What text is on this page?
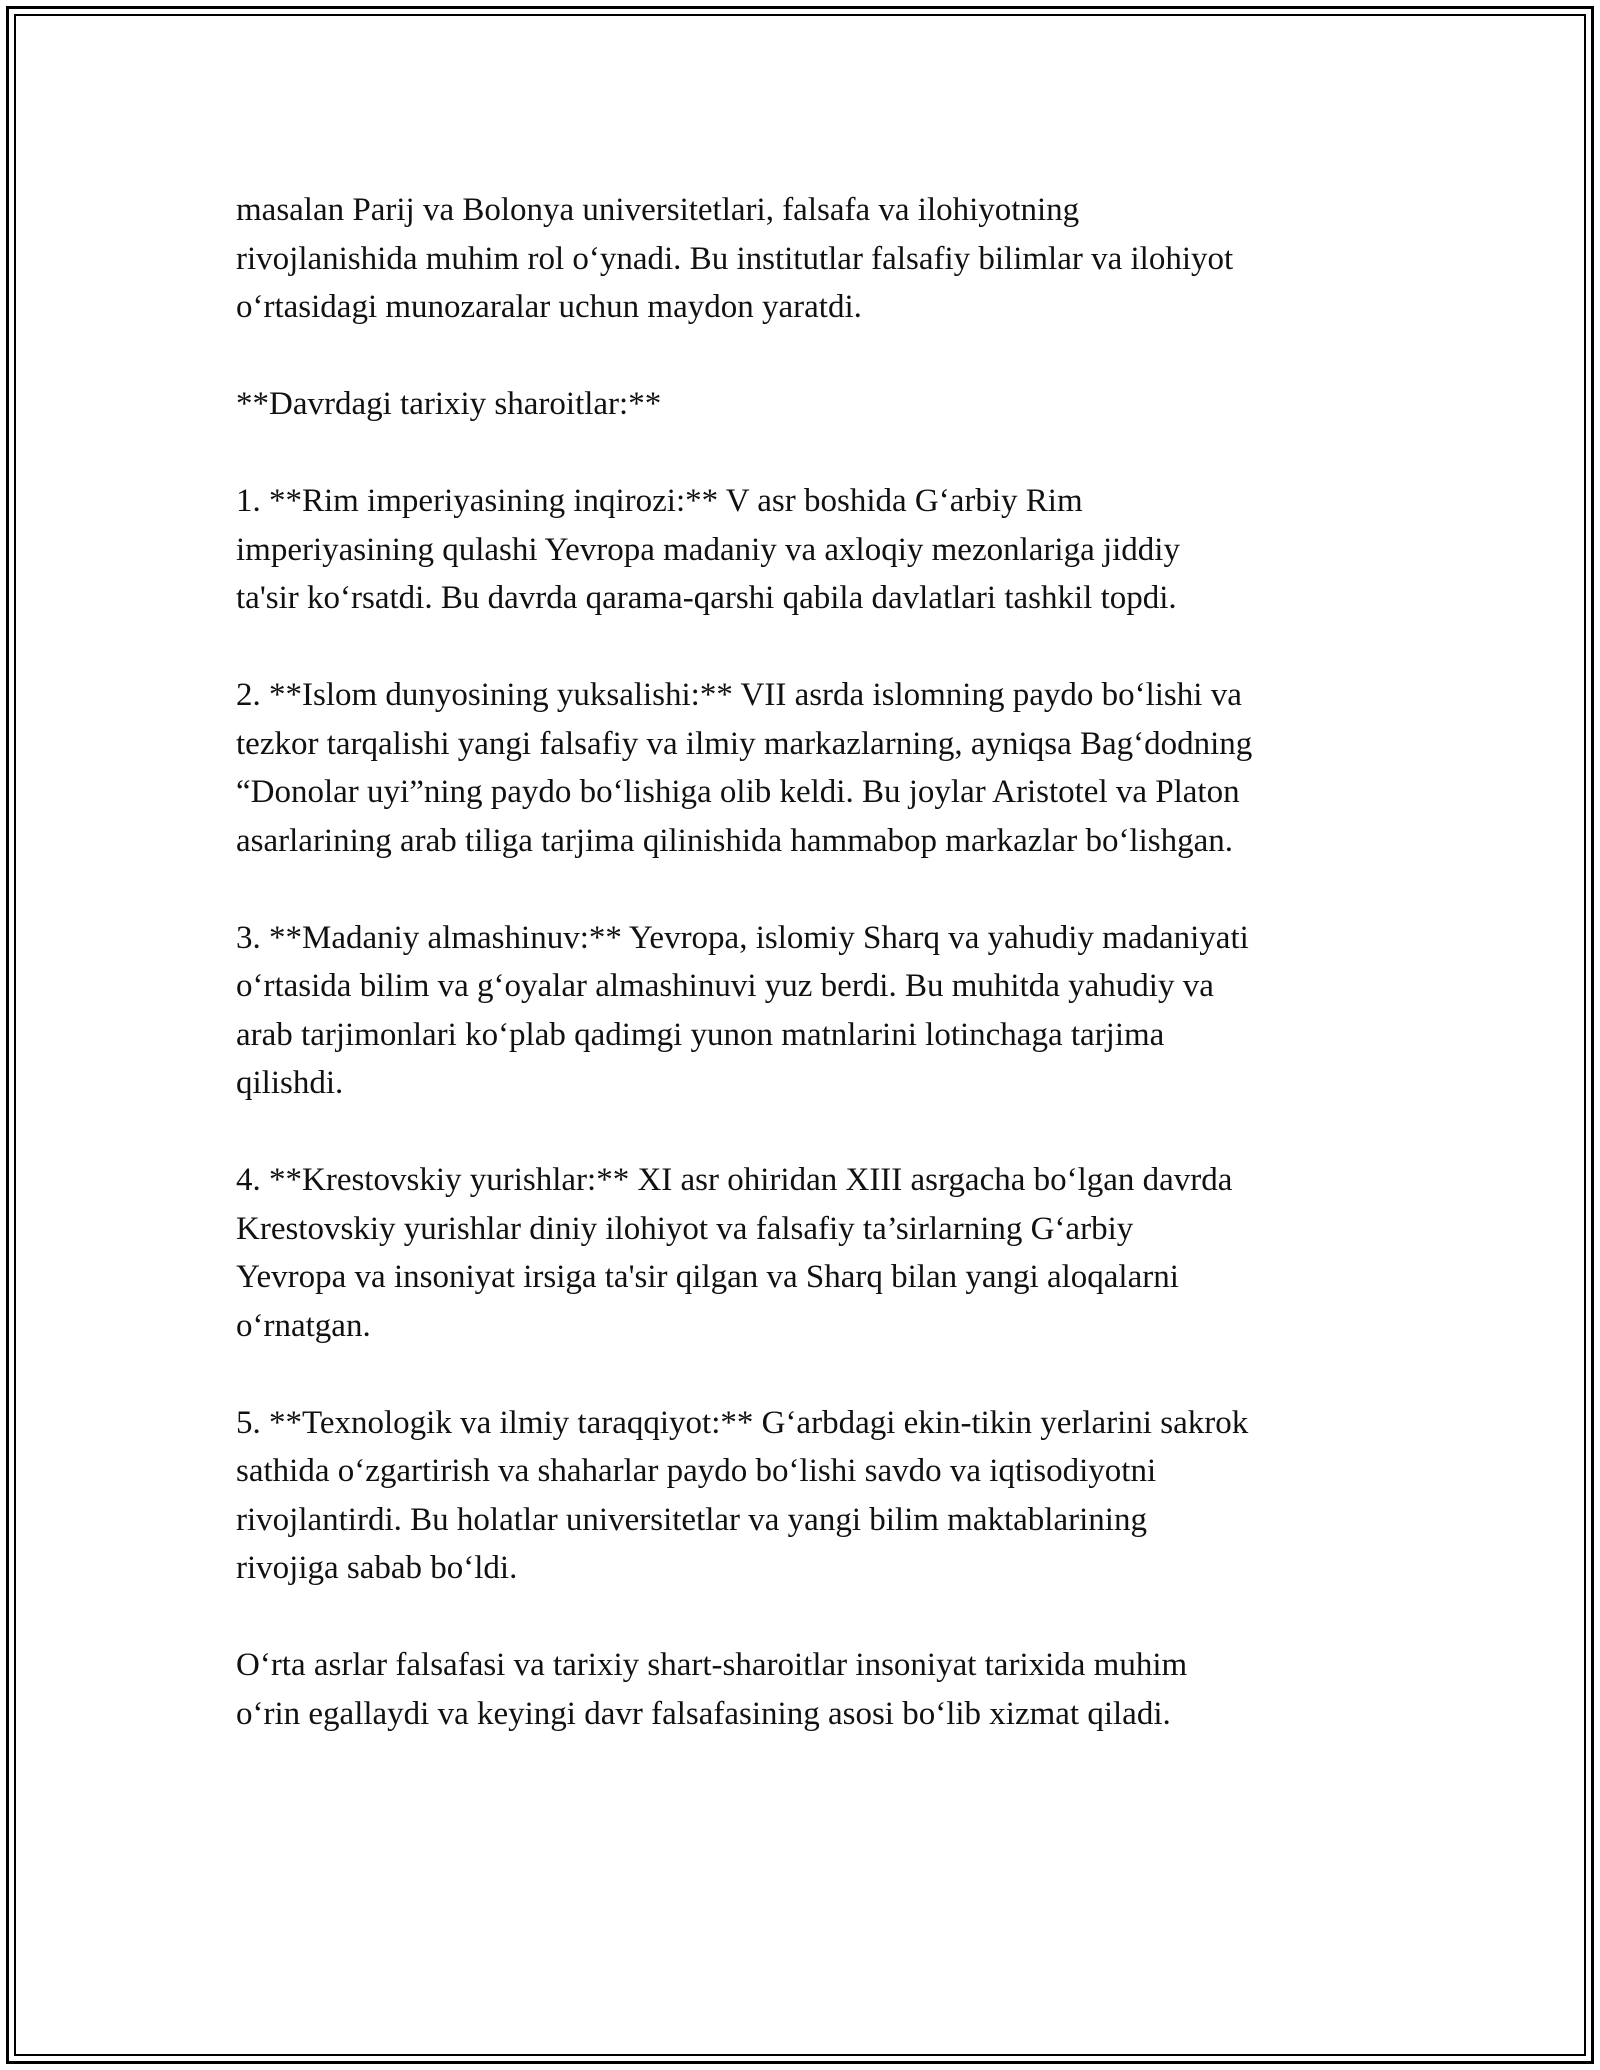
masalan Parij va Bolonya universitetlari, falsafa va ilohiyotning
rivojlanishida muhim rol o‘ynadi. Bu institutlar falsafiy bilimlar va ilohiyot
o‘rtasidagi munozaralar uchun maydon yaratdi.
**Davrdagi tarixiy sharoitlar:**
1. **Rim imperiyasining inqirozi:** V asr boshida G‘arbiy Rim
imperiyasining qulashi Yevropa madaniy va axloqiy mezonlariga jiddiy
ta'sir ko‘rsatdi. Bu davrda qarama-qarshi qabila davlatlari tashkil topdi.
2. **Islom dunyosining yuksalishi:** VII asrda islomning paydo bo‘lishi va
tezkor tarqalishi yangi falsafiy va ilmiy markazlarning, ayniqsa Bag‘dodning
“Donolar uyi”ning paydo bo‘lishiga olib keldi. Bu joylar Aristotel va Platon
asarlarining arab tiliga tarjima qilinishida hammabop markazlar bo‘lishgan.
3. **Madaniy almashinuv:** Yevropa, islomiy Sharq va yahudiy madaniyati
o‘rtasida bilim va g‘oyalar almashinuvi yuz berdi. Bu muhitda yahudiy va
arab tarjimonlari ko‘plab qadimgi yunon matnlarini lotinchaga tarjima
qilishdi.
4. **Krestovskiy yurishlar:** XI asr ohiridan XIII asrgacha bo‘lgan davrda
Krestovskiy yurishlar diniy ilohiyot va falsafiy ta’sirlarning G‘arbiy
Yevropa va insoniyat irsiga ta'sir qilgan va Sharq bilan yangi aloqalarni
o‘rnatgan.
5. **Texnologik va ilmiy taraqqiyot:** G‘arbdagi ekin-tikin yerlarini sakrok
sathida o‘zgartirish va shaharlar paydo bo‘lishi savdo va iqtisodiyotni
rivojlantirdi. Bu holatlar universitetlar va yangi bilim maktablarining
rivojiga sabab bo‘ldi.
O‘rta asrlar falsafasi va tarixiy shart-sharoitlar insoniyat tarixida muhim
o‘rin egallaydi va keyingi davr falsafasining asosi bo‘lib xizmat qiladi.
